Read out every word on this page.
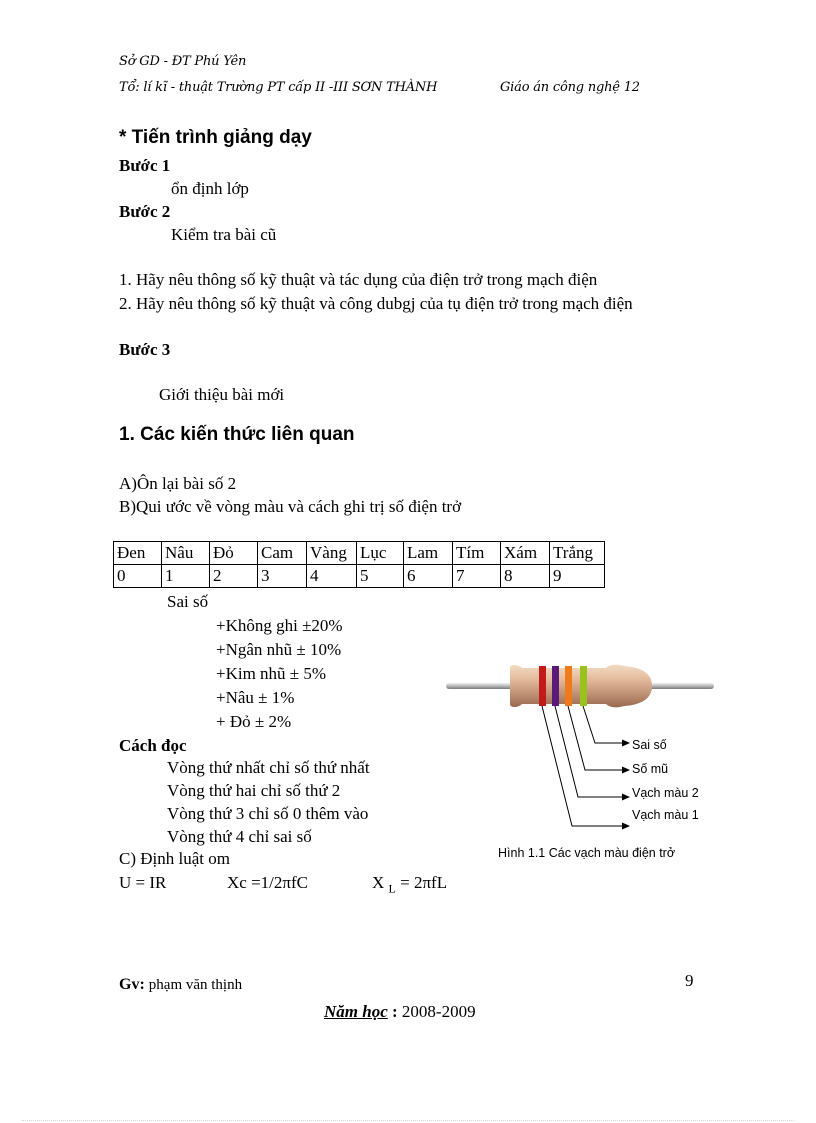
Sở GD - ĐT Phú Yên
Tổ: lí kĩ - thuật Trường PT cấp II -III SƠN THÀNH	Giáo án công nghệ 12
* Tiến trình giảng dạy
Bước 1
ổn định lớp
Bước 2
Kiểm tra bài cũ
1. Hãy nêu thông số kỹ thuật và tác dụng của điện trở trong mạch điện
2. Hãy nêu thông số kỹ thuật và công dubgj của tụ điện trở trong mạch điện
Bước 3
Giới thiệu bài mới
1. Các kiến thức liên quan
A)Ôn lại bài số 2
B)Qui ước về vòng màu và cách ghi trị số điện trở
Đen	Nâu	Đỏ	Cam	Vàng	Lục	Lam	Tím	Xám	Trắng
0	1	2	3	4	5	6	7	8	9
Sai số
+Không ghi ±20%
+Ngân nhũ ± 10%
+Kim nhũ ± 5%
+Nâu ± 1%
+ Đỏ ± 2%
Cách đọc
Vòng thứ nhất chỉ số thứ nhất
Vòng thứ hai chỉ số thứ 2
Vòng thứ 3 chỉ số 0 thêm vào
Vòng thứ 4 chỉ sai số
C) Định luật om
U = IR	Xc =1/2πfC	X $_L$ = 2πfL
Sai số
Số mũ
Vạch màu 2
Vạch màu 1
Hình 1.1 Các vạch màu điện trở
Gv: phạm văn thịnh	9
Năm học : 2008-2009
